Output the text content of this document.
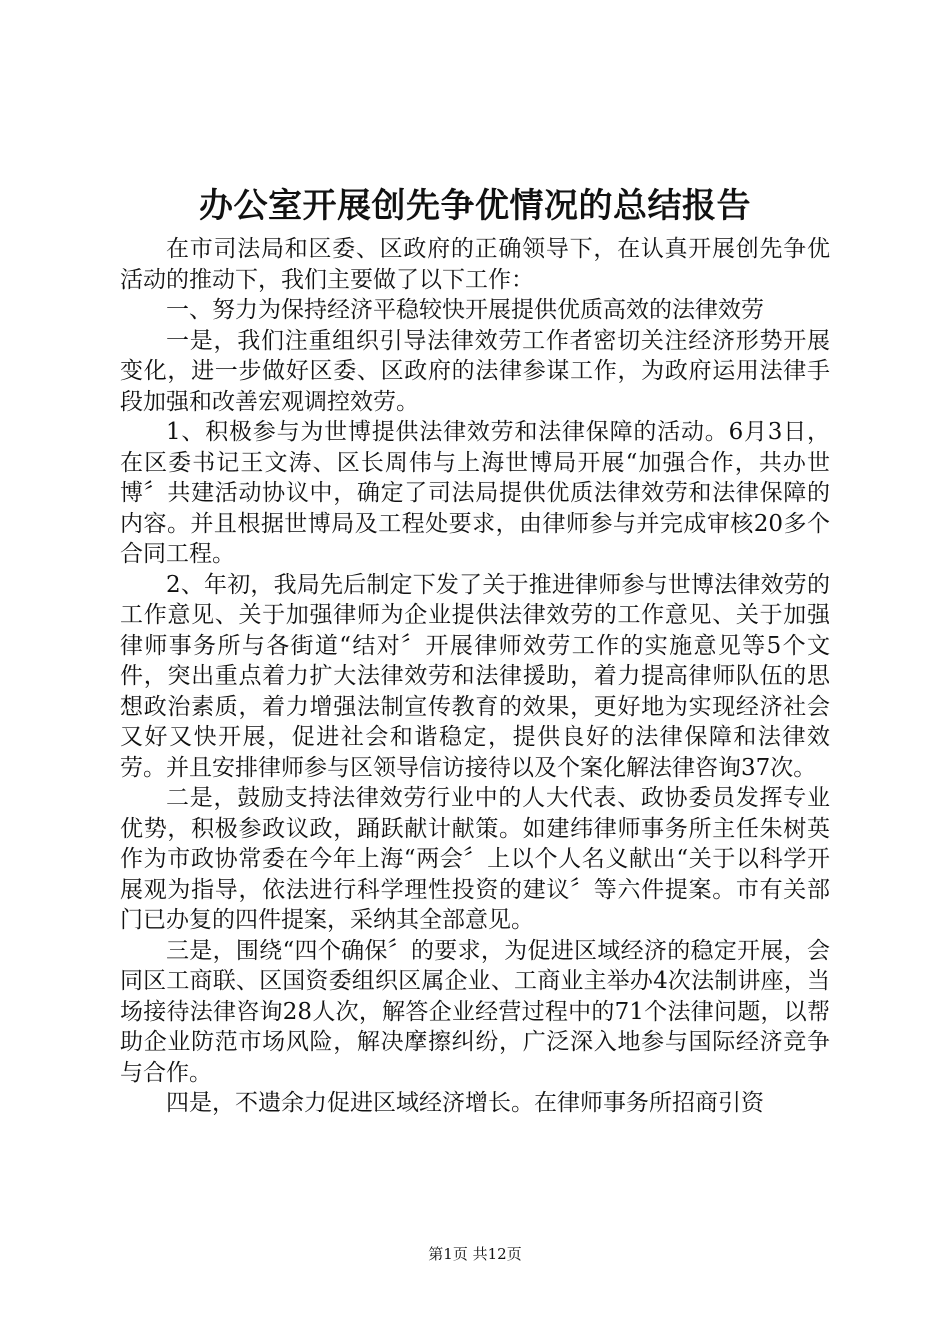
办公室开展创先争优情况的总结报告

在市司法局和区委、区政府的正确领导下，在认真开展创先争优活动的推动下，我们主要做了以下工作：

一、努力为保持经济平稳较快开展提供优质高效的法律效劳

一是，我们注重组织引导法律效劳工作者密切关注经济形势开展变化，进一步做好区委、区政府的法律参谋工作，为政府运用法律手段加强和改善宏观调控效劳。

1、积极参与为世博提供法律效劳和法律保障的活动。6月3日，在区委书记王文涛、区长周伟与上海世博局开展“加强合作，共办世博〞共建活动协议中，确定了司法局提供优质法律效劳和法律保障的内容。并且根据世博局及工程处要求，由律师参与并完成审核20多个合同工程。

2、年初，我局先后制定下发了关于推进律师参与世博法律效劳的工作意见、关于加强律师为企业提供法律效劳的工作意见、关于加强律师事务所与各街道“结对〞开展律师效劳工作的实施意见等5个文件，突出重点着力扩大法律效劳和法律援助，着力提高律师队伍的思想政治素质，着力增强法制宣传教育的效果，更好地为实现经济社会又好又快开展，促进社会和谐稳定，提供良好的法律保障和法律效劳。并且安排律师参与区领导信访接待以及个案化解法律咨询37次。

二是，鼓励支持法律效劳行业中的人大代表、政协委员发挥专业优势，积极参政议政，踊跃献计献策。如建纬律师事务所主任朱树英作为市政协常委在今年上海“两会〞上以个人名义献出“关于以科学开展观为指导，依法进行科学理性投资的建议〞等六件提案。市有关部门已办复的四件提案，采纳其全部意见。

三是，围绕“四个确保〞的要求，为促进区域经济的稳定开展，会同区工商联、区国资委组织区属企业、工商业主举办4次法制讲座，当场接待法律咨询28人次，解答企业经营过程中的71个法律问题，以帮助企业防范市场风险，解决摩擦纠纷，广泛深入地参与国际经济竞争与合作。

四是，不遗余力促进区域经济增长。在律师事务所招商引资

第1页 共12页
